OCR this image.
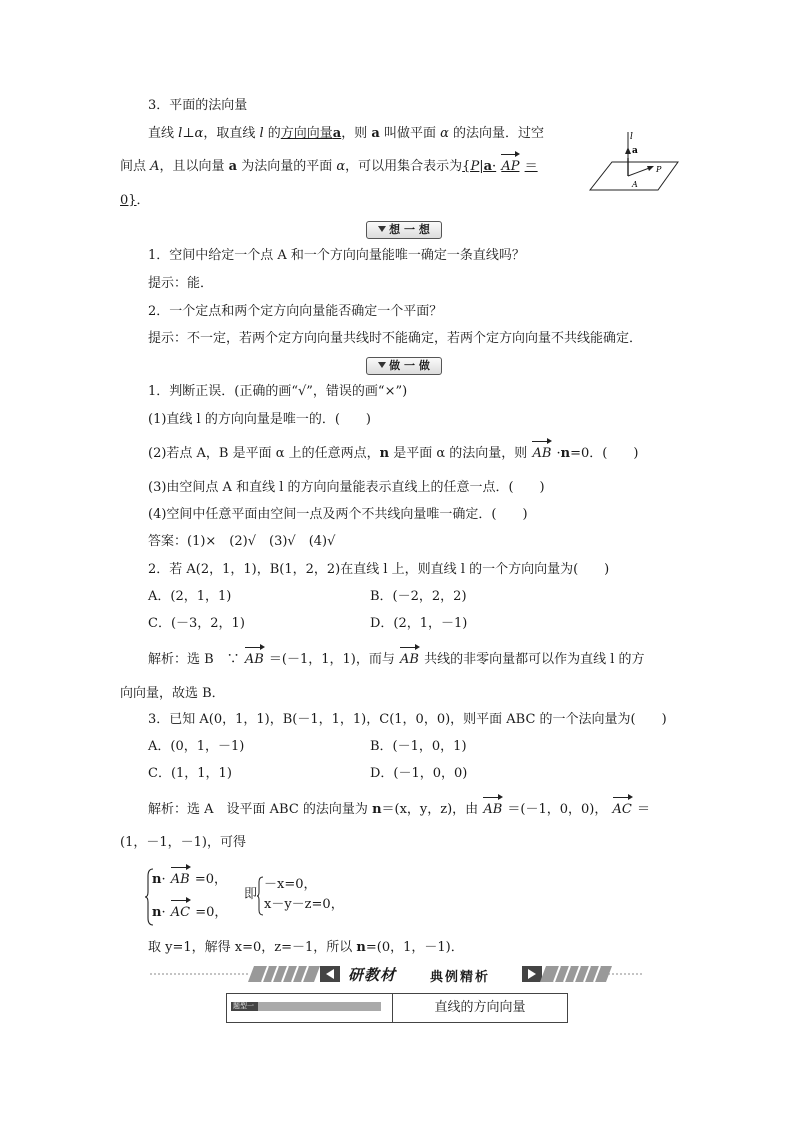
3．平面的法向量
直线 l⊥α，取直线 l 的方向向量a，则 a 叫做平面 α 的法向量．过空
间点 A，且以向量 a 为法向量的平面 α，可以用集合表示为{P|a· AP ＝
0}．
l
a
P
A
想 一 想
1．空间中给定一个点 A 和一个方向向量能唯一确定一条直线吗？
提示：能．
2．一个定点和两个定方向向量能否确定一个平面？
提示：不一定，若两个定方向向量共线时不能确定，若两个定方向向量不共线能确定．
做 一 做
1．判断正误．(正确的画“√”，错误的画“×”)
(1)直线 l 的方向向量是唯一的．(　　)
(2)若点 A，B 是平面 α 上的任意两点，n 是平面 α 的法向量，则 AB ·n=0．(　　)
(3)由空间点 A 和直线 l 的方向向量能表示直线上的任意一点．(　　)
(4)空间中任意平面由空间一点及两个不共线向量唯一确定．(　　)
答案：(1)×　(2)√　(3)√　(4)√
2．若 A(2，1，1)，B(1，2，2)在直线 l 上，则直线 l 的一个方向向量为(　　)
A．(2，1，1)	B．(－2，2，2)
C．(－3，2，1)	D．(2，1，－1)
解析：选 B　∵ AB ＝(－1，1，1)，而与 AB 共线的非零向量都可以作为直线 l 的方
向向量，故选 B．
3．已知 A(0，1，1)，B(－1，1，1)，C(1，0，0)，则平面 ABC 的一个法向量为(　　)
A．(0，1，－1)	B．(－1，0，1)
C．(1，1，1)	D．(－1，0，0)
解析：选 A　设平面 ABC 的法向量为 n＝(x，y，z)，由 AB ＝(－1，0，0)， AC ＝
(1，－1，－1)，可得
n· AB =0，
n· AC =0，
即
－x=0，
x－y－z=0，
取 y=1，解得 x=0，z=－1，所以 n=(0，1，－1)．
研教材	典例精析
题型一	直线的方向向量
